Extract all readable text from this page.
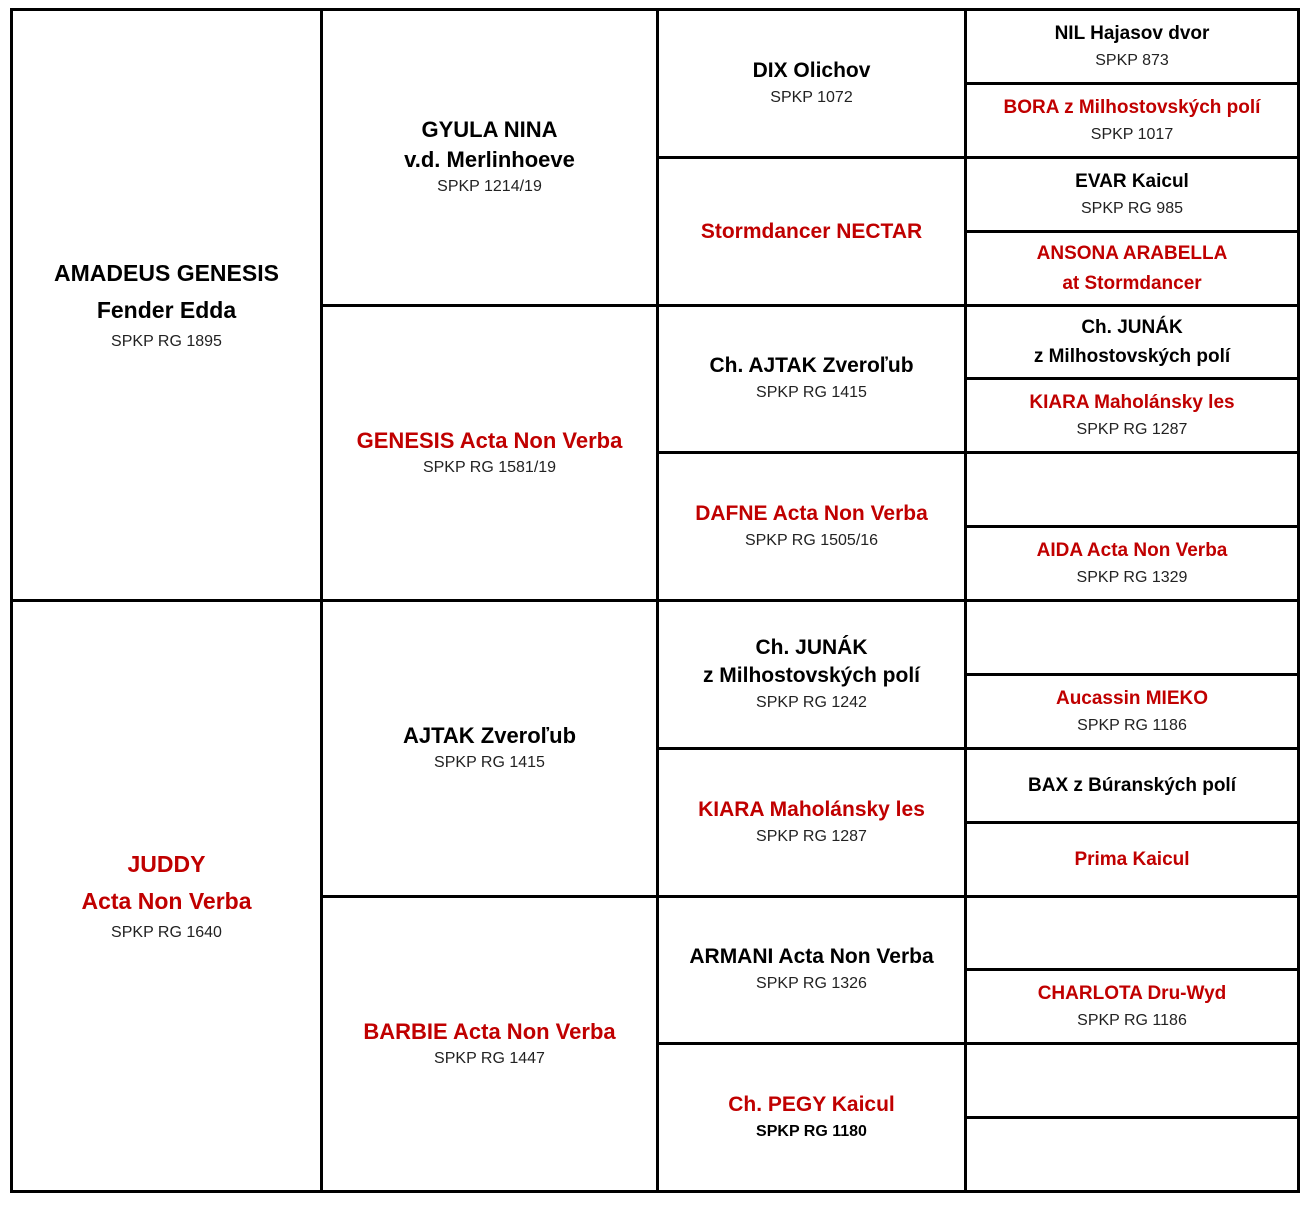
AMADEUS GENESIS
Fender Edda
SPKP RG 1895
JUDDY
Acta Non Verba
SPKP RG 1640
GYULA NINA
v.d. Merlinhoeve
SPKP 1214/19
GENESIS Acta Non Verba
SPKP RG 1581/19
AJTAK Zveroľub
SPKP RG 1415
BARBIE Acta Non Verba
SPKP RG 1447
DIX Olichov
SPKP 1072
Stormdancer NECTAR
Ch. AJTAK Zveroľub
SPKP RG 1415
DAFNE Acta Non Verba
SPKP RG 1505/16
Ch. JUNÁK
z Milhostovských polí
SPKP RG 1242
KIARA Maholánsky les
SPKP RG 1287
ARMANI Acta Non Verba
SPKP RG 1326
Ch. PEGY Kaicul
SPKP RG 1180
NIL Hajasov dvor
SPKP 873
BORA z Milhostovských polí
SPKP 1017
EVAR Kaicul
SPKP RG 985
ANSONA ARABELLA
at Stormdancer
Ch. JUNÁK
z Milhostovských polí
KIARA Maholánsky les
SPKP RG 1287
AIDA Acta Non Verba
SPKP RG 1329
Aucassin MIEKO
SPKP RG 1186
BAX z Búranských polí
Prima Kaicul
CHARLOTA Dru-Wyd
SPKP RG 1186
